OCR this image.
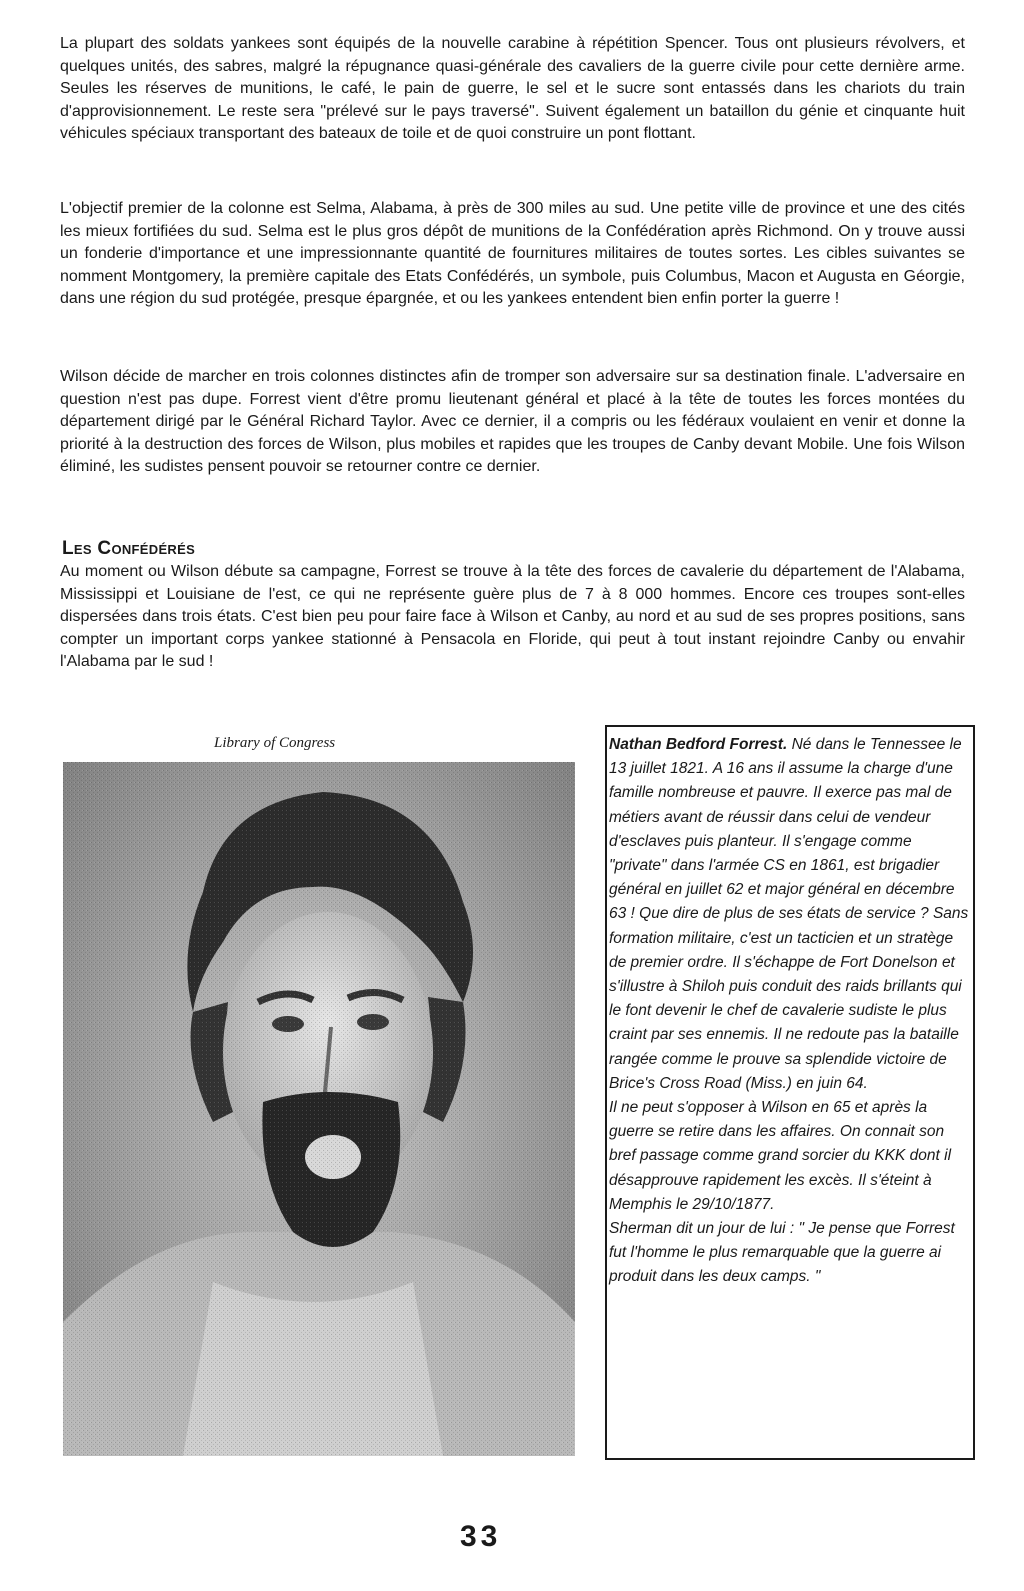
La plupart des soldats yankees sont équipés de la nouvelle carabine à répétition Spencer. Tous ont plusieurs révolvers, et quelques unités, des sabres, malgré la répugnance quasi-générale des cavaliers de la guerre civile pour cette dernière arme. Seules les réserves de munitions, le café, le pain de guerre, le sel et le sucre sont entassés dans les chariots du train d'approvisionnement. Le reste sera "prélevé sur le pays traversé". Suivent également un bataillon du génie et cinquante huit véhicules spéciaux transportant des bateaux de toile et de quoi construire un pont flottant.

L'objectif premier de la colonne est Selma, Alabama, à près de 300 miles au sud. Une petite ville de province et une des cités les mieux fortifiées du sud. Selma est le plus gros dépôt de munitions de la Confédération après Richmond. On y trouve aussi un fonderie d'importance et une impressionnante quantité de fournitures militaires de toutes sortes. Les cibles suivantes se nomment Montgomery, la première capitale des Etats Confédérés, un symbole, puis Columbus, Macon et Augusta en Géorgie, dans une région du sud protégée, presque épargnée, et ou les yankees entendent bien enfin porter la guerre !

Wilson décide de marcher en trois colonnes distinctes afin de tromper son adversaire sur sa destination finale. L'adversaire en question n'est pas dupe. Forrest vient d'être promu lieutenant général et placé à la tête de toutes les forces montées du département dirigé par le Général Richard Taylor. Avec ce dernier, il a compris ou les fédéraux voulaient en venir et donne la priorité à la destruction des forces de Wilson, plus mobiles et rapides que les troupes de Canby devant Mobile. Une fois Wilson éliminé, les sudistes pensent pouvoir se retourner contre ce dernier.

Les Confédérés

Au moment ou Wilson débute sa campagne, Forrest se trouve à la tête des forces de cavalerie du département de l'Alabama, Mississippi et Louisiane de l'est, ce qui ne représente guère plus de 7 à 8 000 hommes. Encore ces troupes sont-elles dispersées dans trois états. C'est bien peu pour faire face à Wilson et Canby, au nord et au sud de ses propres positions, sans compter un important corps yankee stationné à Pensacola en Floride, qui peut à tout instant rejoindre Canby ou envahir l'Alabama par le sud !

Library of Congress	Nathan Bedford Forrest. Né dans le Tennessee le 13 juillet 1821. A 16 ans il assume la charge d'une famille nombreuse et pauvre. Il exerce pas mal de métiers avant de réussir dans celui de vendeur d'esclaves puis planteur. Il s'engage comme "private" dans l'armée CS en 1861, est brigadier général en juillet 62 et major général en décembre 63 ! Que dire de plus de ses états de service ? Sans formation militaire, c'est un tacticien et un stratège de premier ordre. Il s'échappe de Fort Donelson et s'illustre à Shiloh puis conduit des raids brillants qui le font devenir le chef de cavalerie sudiste le plus craint par ses ennemis. Il ne redoute pas la bataille rangée comme le prouve sa splendide victoire de Brice's Cross Road (Miss.) en juin 64.

Il ne peut s'opposer à Wilson en 65 et après la guerre se retire dans les affaires. On connait son bref passage comme grand sorcier du KKK dont il désapprouve rapidement les excès. Il s'éteint à Memphis le 29/10/1877.

Sherman dit un jour de lui : " Je pense que Forrest fut l'homme le plus remarquable que la guerre ai produit dans les deux camps. "

33
